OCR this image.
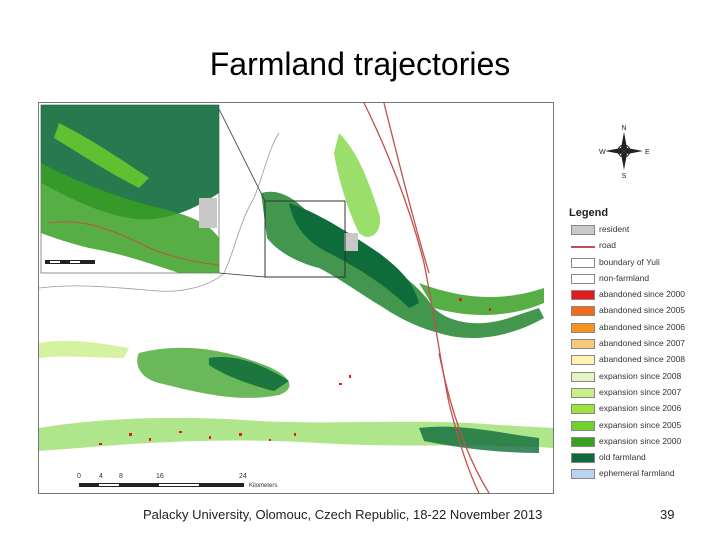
Farmland trajectories
0	4 8	16	24
Kilometers
N
S
W	E
Legend
resident
road
boundary of Yuli
non-farmland
abandoned since 2000
abandoned since 2005
abandoned since 2006
abandoned since 2007
abandoned since 2008
expansion since 2008
expansion since 2007
expansion since 2006
expansion since 2005
expansion since 2000
old farmland
ephemeral farmland
Palacky University, Olomouc, Czech Republic, 18-22 November 2013	39
